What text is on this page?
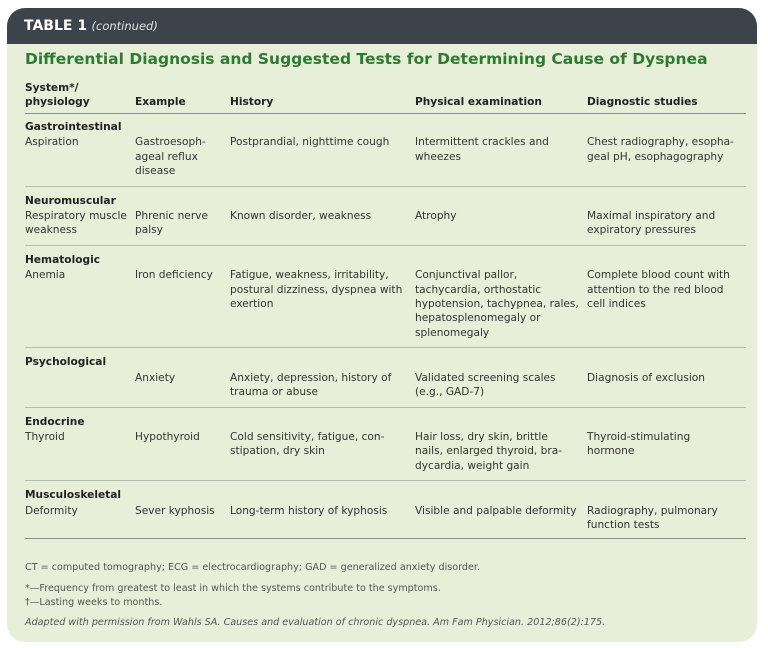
TABLE 1 (continued)
Differential Diagnosis and Suggested Tests for Determining Cause of Dyspnea
System*/
physiology	Example	History	Physical examination	Diagnostic studies
Gastrointestinal				
Aspiration	Gastroesoph-ageal reflux disease	Postprandial, nighttime cough	Intermittent crackles and wheezes	Chest radiography, esopha-geal pH, esophagography
Neuromuscular				
Respiratory muscle weakness	Phrenic nerve palsy	Known disorder, weakness	Atrophy	Maximal inspiratory and expiratory pressures
Hematologic				
Anemia	Iron deficiency	Fatigue, weakness, irritability, postural dizziness, dyspnea with exertion	Conjunctival pallor, tachycardia, orthostatic hypotension, tachypnea, rales, hepatosplenomegaly or splenomegaly	Complete blood count with attention to the red blood cell indices
Psychological				
	Anxiety	Anxiety, depression, history of trauma or abuse	Validated screening scales (e.g., GAD-7)	Diagnosis of exclusion
Endocrine				
Thyroid	Hypothyroid	Cold sensitivity, fatigue, con-stipation, dry skin	Hair loss, dry skin, brittle nails, enlarged thyroid, bra-dycardia, weight gain	Thyroid-stimulating hormone
Musculoskeletal				
Deformity	Sever kyphosis	Long-term history of kyphosis	Visible and palpable deformity	Radiography, pulmonary function tests
CT = computed tomography; ECG = electrocardiography; GAD = generalized anxiety disorder.
*—Frequency from greatest to least in which the systems contribute to the symptoms.
†—Lasting weeks to months.
Adapted with permission from Wahls SA. Causes and evaluation of chronic dyspnea. Am Fam Physician. 2012;86(2):175.
